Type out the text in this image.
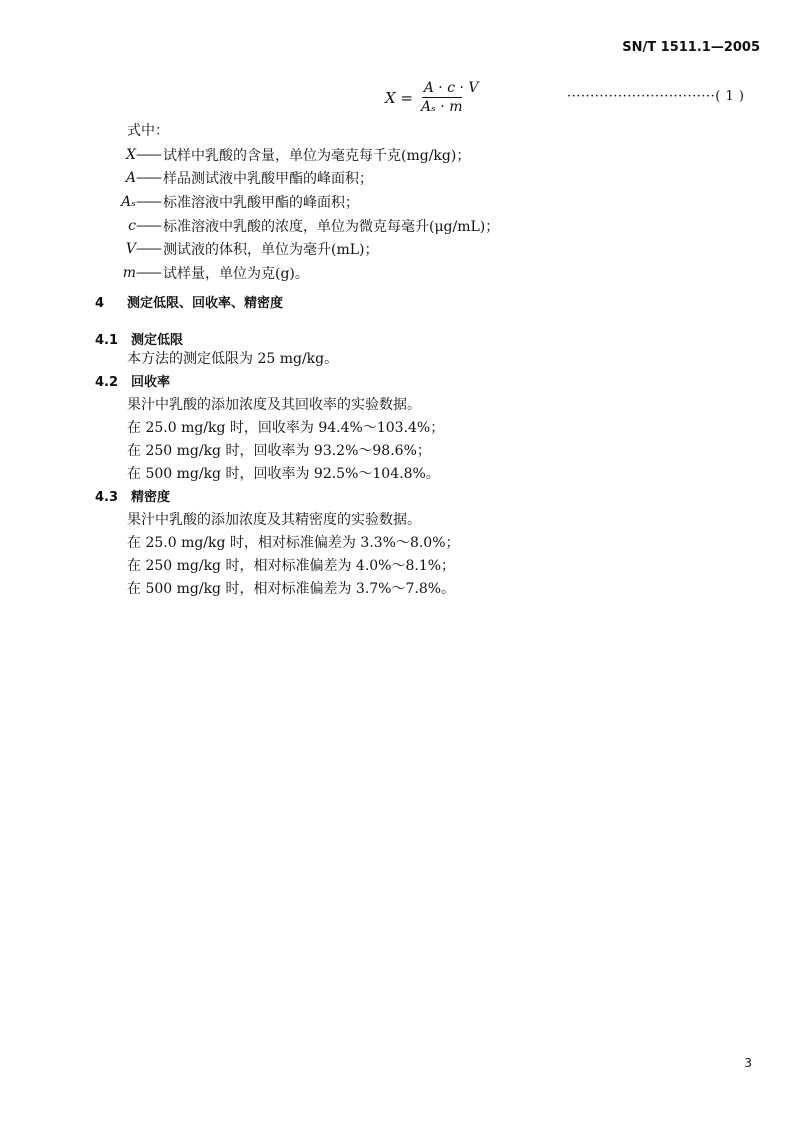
SN/T 1511.1—2005
$X = \frac{A \cdot c \cdot V}{\text{Aₛ · m}}$	································( 1 )
式中：
X —— 试样中乳酸的含量，单位为毫克每千克(mg/kg)；
A —— 样品测试液中乳酸甲酯的峰面积；
Aₛ —— 标准溶液中乳酸甲酯的峰面积；
c —— 标准溶液中乳酸的浓度，单位为微克每毫升(μg/mL)；
V —— 测试液的体积，单位为毫升(mL)；
m —— 试样量，单位为克(g)。
4 测定低限、回收率、精密度
4.1 测定低限
本方法的测定低限为 25 mg/kg。
4.2 回收率
果汁中乳酸的添加浓度及其回收率的实验数据。
在 25.0 mg/kg 时，回收率为 94.4%～103.4%；
在 250 mg/kg 时，回收率为 93.2%～98.6%；
在 500 mg/kg 时，回收率为 92.5%～104.8%。
4.3 精密度
果汁中乳酸的添加浓度及其精密度的实验数据。
在 25.0 mg/kg 时，相对标准偏差为 3.3%～8.0%；
在 250 mg/kg 时，相对标准偏差为 4.0%～8.1%；
在 500 mg/kg 时，相对标准偏差为 3.7%～7.8%。
3
